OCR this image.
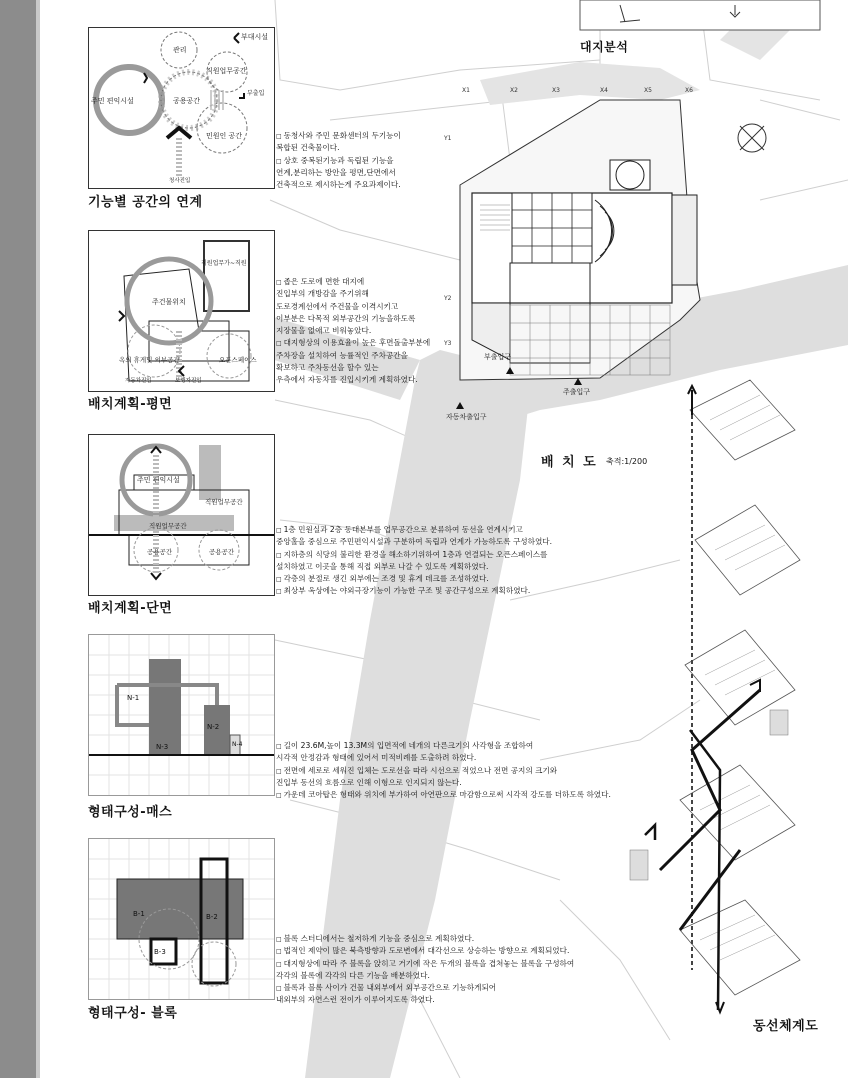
X1	X2	X3	X4	X5	X6
Y1
Y2
Y3
대지분석
부출입구
주출입구
자동차출입구
배 치 도 축적:1/200
동선체계도
관리
부대시설
직원업무공간
주민 편익시설	공용공간
민원인 공간
부출입
청사진입
기능별 공간의 연계
□ 동청사와 주민 문화센터의 두기능이
복합된 건축물이다.
□ 상호 중복된기능과 독립된 기능을
연계,분리하는 방안을 평면,단면에서
건축적으로 제시하는게 주요과제이다.
주건물위치
직원업무가~직원
옥외 휴게및 외부공간	오픈스페이스
자동차진입	보행자진입
배치계획-평면
□ 좁은 도로에 면한 대지에
진입부의 개방감을 주기위해
도로경계선에서 주건물을 이격시키고
이부분은 다목적 외부공간의 기능을하도록
지장물을 없애고 비워놓았다.
□ 대지형상의 이용효율이 높은 후면돌출부분에
주차장을 설치하여 능률적인 주차공간을
확보하고 주차동선을 할수 있는
우측에서 자동차를 진입시키게 계획하였다.
주민 편익시설
직원업무공간
직원업무공간
공용공간	공용공간
배치계획-단면
□ 1층 민원실과 2층 동대본부를 업무공간으로 분류하여 동선을 연계시키고
중앙홀을 중심으로 주민편익시설과 구분하여 독립과 연계가 가능하도록 구성하였다.
□ 지하층의 식당의 불리한 환경을 해소하기위하여 1층과 연결되는 오픈스페이스를
설치하였고 이곳을 통해 직접 외부로 나갈 수 있도록 계획하였다.
□ 각층의 분절로 생긴 외부에는 조경 및 휴게 데크를 조성하였다.
□ 최상부 옥상에는 야외극장기능이 가능한 구조 및 공간구성으로 계획하였다.
N-1
N-2
N-3	N-4
형태구성-매스
□ 길이 23.6M,높이 13.3M의 입면적에 네개의 다른크기의 사각형을 조합하여
시각적 안정감과 형태에 있어서 미적비례를 도출하려 하였다.
□ 전면에 세로로 세워진 입체는 도로선을 따라 시선으로 적었으나 전면 공지의 크기와
진입부 동선의 흐름으로 인해 이형으로 인지되지 않는다.
□ 가운데 코아탑은 형태와 위치에 부가하여 아연판으로 마감함으로써 시각적 강도를 더하도록 하였다.
B-1	B-2
B-3
형태구성- 블록
□ 블록 스터디에서는 철저하게 기능을 중심으로 계획하였다.
□ 법적인 제약이 많은 북측방향과 도로변에서 대각선으로 상승하는 방향으로 계획되었다.
□ 대지형상에 따라 주 블록을 앉히고 거기에 작은 두개의 블록을 겹쳐놓는 블록을 구성하여
각각의 블록에 각각의 다른 기능을 배분하였다.
□ 블록과 블록 사이가 건물 내외부에서 외부공간으로 기능하게되어
내외부의 자연스런 전이가 이루어지도록 하였다.
